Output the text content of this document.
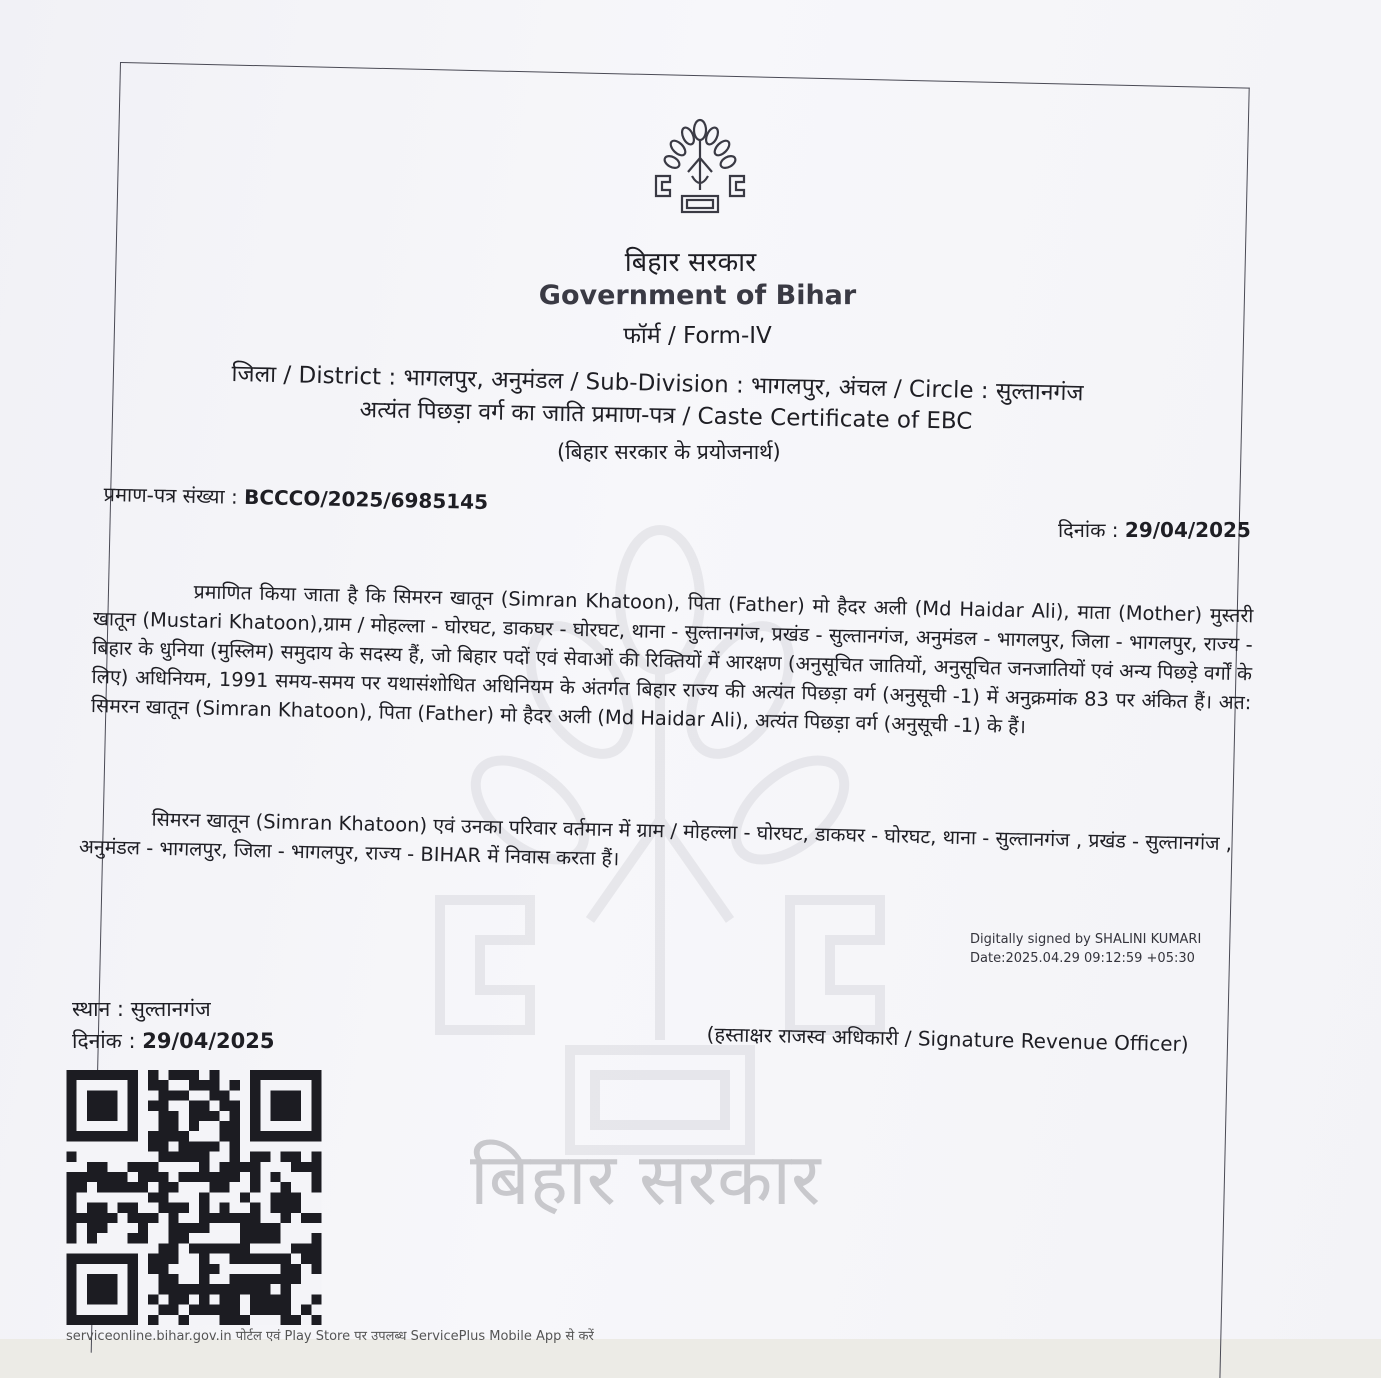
बिहार सरकार
बिहार सरकार
Government of Bihar
फॉर्म / Form-IV
जिला / District : भागलपुर, अनुमंडल / Sub-Division : भागलपुर, अंचल / Circle : सुल्तानगंज
अत्यंत पिछड़ा वर्ग का जाति प्रमाण-पत्र / Caste Certificate of EBC
(बिहार सरकार के प्रयोजनार्थ)
प्रमाण-पत्र संख्या : BCCCO/2025/6985145
दिनांक : 29/04/2025
प्रमाणित किया जाता है कि सिमरन खातून (Simran Khatoon), पिता (Father) मो हैदर अली (Md Haidar Ali), माता (Mother) मुस्तरी खातून (Mustari Khatoon),ग्राम / मोहल्ला - घोरघट, डाकघर - घोरघट, थाना - सुल्तानगंज, प्रखंड - सुल्तानगंज, अनुमंडल - भागलपुर, जिला - भागलपुर, राज्य - बिहार के धुनिया (मुस्लिम) समुदाय के सदस्य हैं, जो बिहार पदों एवं सेवाओं की रिक्तियों में आरक्षण (अनुसूचित जातियों, अनुसूचित जनजातियों एवं अन्य पिछड़े वर्गों के लिए) अधिनियम, 1991 समय-समय पर यथासंशोधित अधिनियम के अंतर्गत बिहार राज्य की अत्यंत पिछड़ा वर्ग (अनुसूची -1) में अनुक्रमांक 83 पर अंकित हैं। अत: सिमरन खातून (Simran Khatoon), पिता (Father) मो हैदर अली (Md Haidar Ali), अत्यंत पिछड़ा वर्ग (अनुसूची -1) के हैं।
सिमरन खातून (Simran Khatoon) एवं उनका परिवार वर्तमान में ग्राम / मोहल्ला - घोरघट, डाकघर - घोरघट, थाना - सुल्तानगंज , प्रखंड - सुल्तानगंज , अनुमंडल - भागलपुर, जिला - भागलपुर, राज्य - BIHAR में निवास करता हैं।
Digitally signed by SHALINI KUMARI
Date:2025.04.29 09:12:59 +05:30
स्थान : सुल्तानगंज
दिनांक : 29/04/2025	(हस्ताक्षर राजस्व अधिकारी / Signature Revenue Officer)
serviceonline.bihar.gov.in पोर्टल एवं Play Store पर उपलब्ध ServicePlus Mobile App से करें
